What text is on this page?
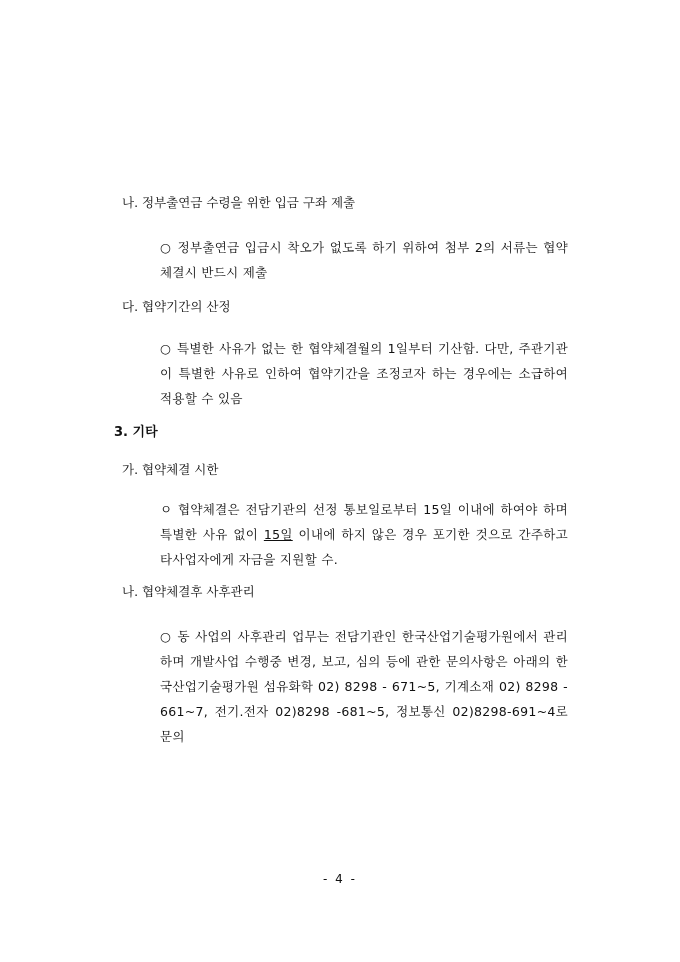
나. 정부출연금 수령을 위한 입금 구좌 제출
○ 정부출연금 입금시 착오가 없도록 하기 위하여 첨부 2의 서류는 협약 체결시 반드시 제출
다. 협약기간의 산정
○ 특별한 사유가 없는 한 협약체결월의 1일부터 기산함. 다만, 주관기관이 특별한 사유로 인하여 협약기간을 조정코자 하는 경우에는 소급하여 적용할 수 있음
3. 기타
가. 협약체결 시한
ㅇ 협약체결은 전담기관의 선정 통보일로부터 15일 이내에 하여야 하며 특별한 사유 없이 15일 이내에 하지 않은 경우 포기한 것으로 간주하고 타사업자에게 자금을 지원할 수.
나. 협약체결후 사후관리
○ 동 사업의 사후관리 업무는 전담기관인 한국산업기술평가원에서 관리하며 개발사업 수행중 변경, 보고, 심의 등에 관한 문의사항은 아래의 한국산업기술평가원 섬유화학 02) 8298 - 671~5, 기계소재 02) 8298 - 661~7, 전기.전자 02)8298 -681~5, 정보통신 02)8298-691~4로 문의
- 4 -
